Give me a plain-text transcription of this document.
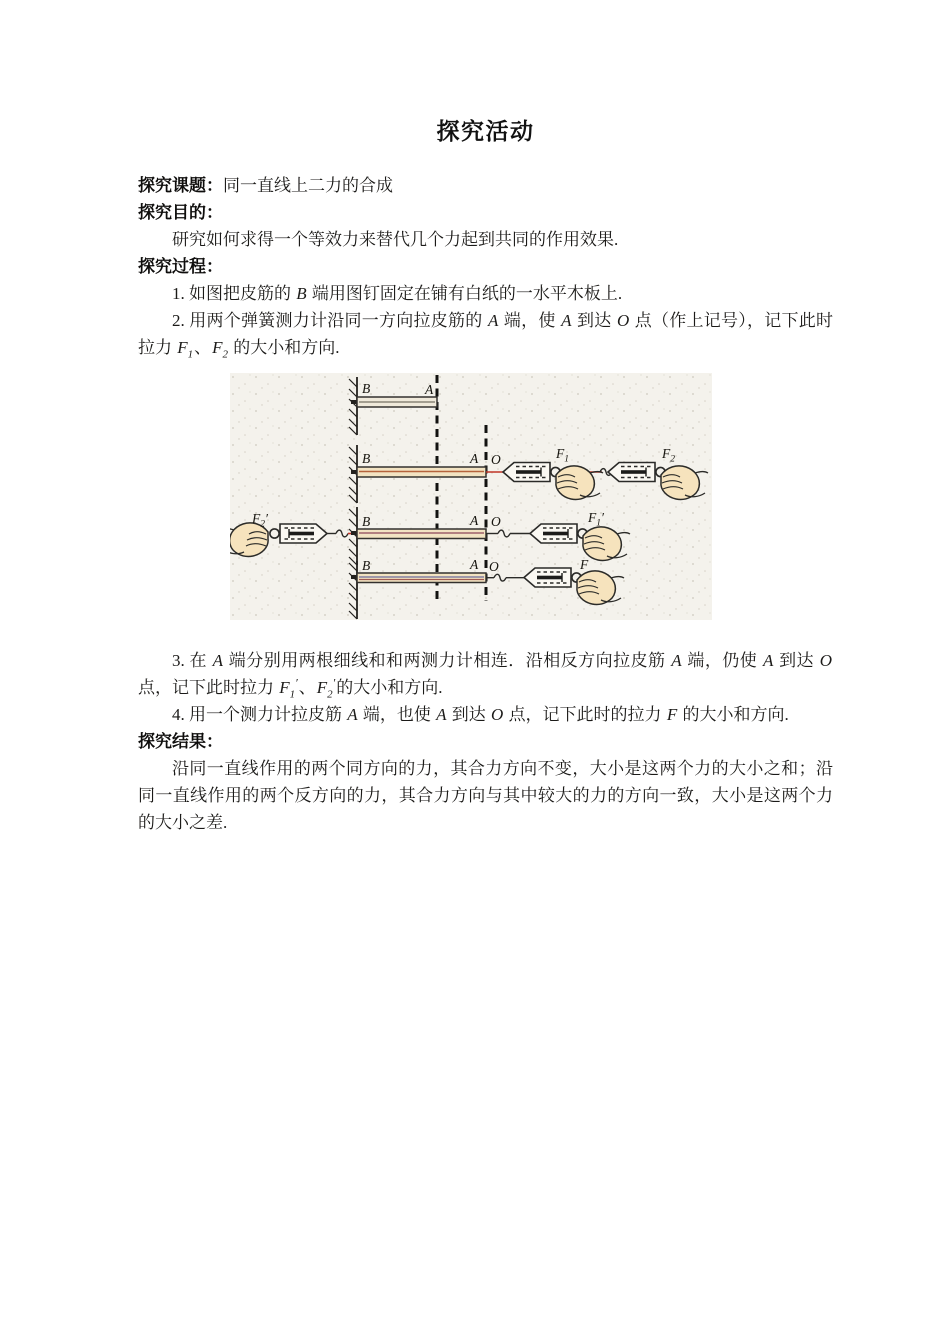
探究活动

探究课题：同一直线上二力的合成

探究目的：

研究如何求得一个等效力来替代几个力起到共同的作用效果.

探究过程：

1. 如图把皮筋的 B 端用图钉固定在铺有白纸的一水平木板上.

2. 用两个弹簧测力计沿同一方向拉皮筋的 A 端，使 A 到达 O 点（作上记号），记下此时拉力 $F_1$、$F_2$ 的大小和方向.

B	A
B	A O	$F_1$	$F_2$
$F_2'$	B	A O	$F_1'$
B	A O	F

3. 在 A 端分别用两根细线和和两测力计相连．沿相反方向拉皮筋 A 端，仍使 A 到达 O 点，记下此时拉力 $F_1'$、$F_2'$的大小和方向.

4. 用一个测力计拉皮筋 A 端，也使 A 到达 O 点，记下此时的拉力 F 的大小和方向.

探究结果：

沿同一直线作用的两个同方向的力，其合力方向不变，大小是这两个力的大小之和；沿同一直线作用的两个反方向的力，其合力方向与其中较大的力的方向一致，大小是这两个力的大小之差.
